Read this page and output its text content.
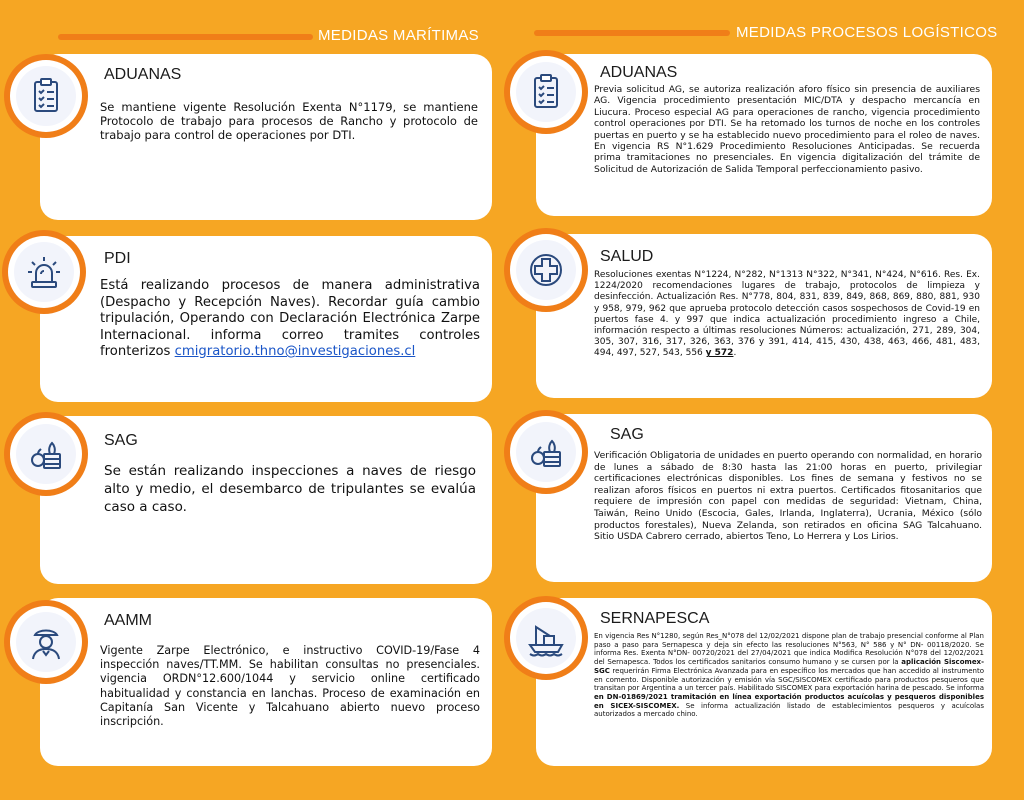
MEDIDAS MARÍTIMAS	MEDIDAS PROCESOS LOGÍSTICOS
ADUANAS
Se mantiene vigente Resolución Exenta N°1179, se mantiene Protocolo de trabajo para procesos de Rancho y protocolo de trabajo para control de operaciones por DTI.
PDI
Está realizando procesos de manera administrativa (Despacho y Recepción Naves). Recordar guía cambio tripulación, Operando con Declaración Electrónica Zarpe Internacional. informa correo tramites controles fronterizos cmigratorio.thno@investigaciones.cl
SAG
Se están realizando inspecciones a naves de riesgo alto y medio, el desembarco de tripulantes se evalúa caso a caso.
AAMM
Vigente Zarpe Electrónico, e instructivo COVID-19/Fase 4 inspección naves/TT.MM. Se habilitan consultas no presenciales. vigencia ORDN°12.600/1044 y servicio online certificado habitualidad y constancia en lanchas. Proceso de examinación en Capitanía San Vicente y Talcahuano abierto nuevo proceso inscripción.
ADUANAS
Previa solicitud AG, se autoriza realización aforo físico sin presencia de auxiliares AG. Vigencia procedimiento presentación MIC/DTA y despacho mercancía en Liucura. Proceso especial AG para operaciones de rancho, vigencia procedimiento control operaciones por DTI. Se ha retomado los turnos de noche en los controles puertas en puerto y se ha establecido nuevo procedimiento para el roleo de naves. En vigencia RS N°1.629 Procedimiento Resoluciones Anticipadas. Se recuerda prima tramitaciones no presenciales. En vigencia digitalización del trámite de Solicitud de Autorización de Salida Temporal perfeccionamiento pasivo.
SALUD
Resoluciones exentas N°1224, N°282, N°1313 N°322, N°341, N°424, N°616. Res. Ex. 1224/2020 recomendaciones lugares de trabajo, protocolos de limpieza y desinfección. Actualización Res. N°778, 804, 831, 839, 849, 868, 869, 880, 881, 930 y 958, 979, 962 que aprueba protocolo detección casos sospechosos de Covid-19 en puertos fase 4. y 997 que indica actualización procedimiento ingreso a Chile, información respecto a últimas resoluciones Números: actualización, 271, 289, 304, 305, 307, 316, 317, 326, 363, 376 y 391, 414, 415, 430, 438, 463, 466, 481, 483, 494, 497, 527, 543, 556 y 572.
SAG
Verificación Obligatoria de unidades en puerto operando con normalidad, en horario de lunes a sábado de 8:30 hasta las 21:00 horas en puerto, privilegiar certificaciones electrónicas disponibles. Los fines de semana y festivos no se realizan aforos físicos en puertos ni extra puertos. Certificados fitosanitarios que requiere de impresión con papel con medidas de seguridad: Vietnam, China, Taiwán, Reino Unido (Escocia, Gales, Irlanda, Inglaterra), Ucrania, México (sólo productos forestales), Nueva Zelanda, son retirados en oficina SAG Talcahuano. Sitio USDA Cabrero cerrado, abiertos Teno, Lo Herrera y Los Lirios.
SERNAPESCA
En vigencia Res N°1280, según Res_N°078 del 12/02/2021 dispone plan de trabajo presencial conforme al Plan paso a paso para Sernapesca y deja sin efecto las resoluciones N°563, N° 586 y N° DN- 00118/2020. Se informa Res. Exenta N°DN- 00720/2021 del 27/04/2021 que indica Modifica Resolución N°078 del 12/02/2021 del Sernapesca. Todos los certificados sanitarios consumo humano y se cursen por la aplicación Siscomex-SGC requerirán Firma Electrónica Avanzada para en específico los mercados que han accedido al instrumento en comento. Disponible autorización y emisión vía SGC/SISCOMEX certificado para productos pesqueros que transitan por Argentina a un tercer país. Habilitado SISCOMEX para exportación harina de pescado. Se informa en DN-01869/2021 tramitación en línea exportación productos acuícolas y pesqueros disponibles en SICEX-SISCOMEX. Se informa actualización listado de establecimientos pesqueros y acuícolas autorizados a mercado chino.
